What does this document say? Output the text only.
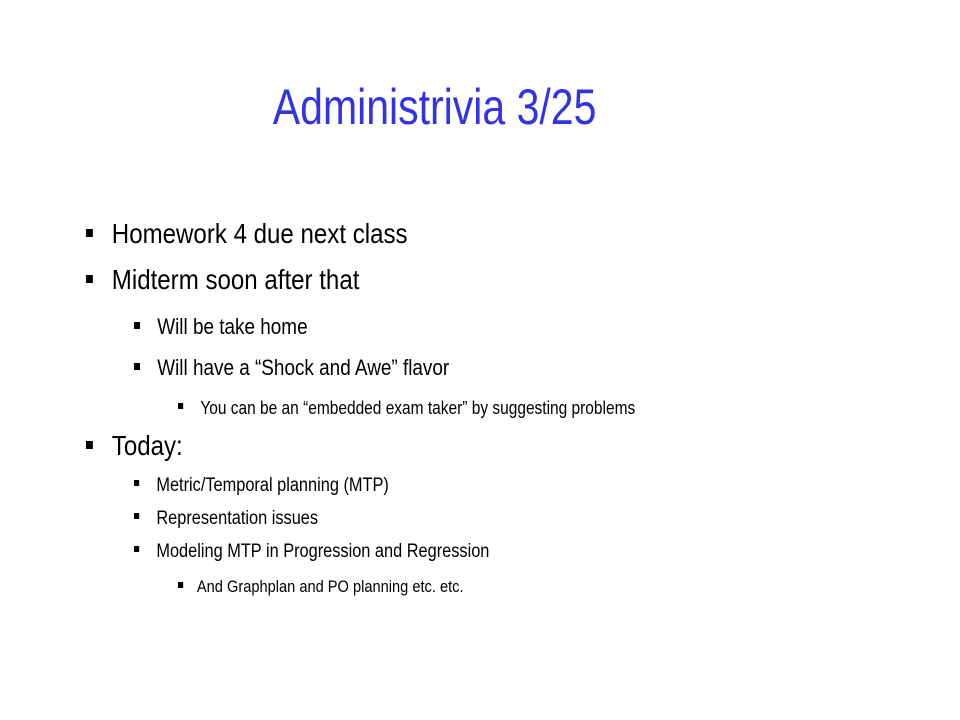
Administrivia 3/25
Homework 4 due next class
Midterm soon after that
Will be take home
Will have a “Shock and Awe” flavor
You can be an “embedded exam taker” by suggesting problems
Today:
Metric/Temporal planning (MTP)
Representation issues
Modeling MTP in Progression and Regression
And Graphplan and PO planning etc. etc.
